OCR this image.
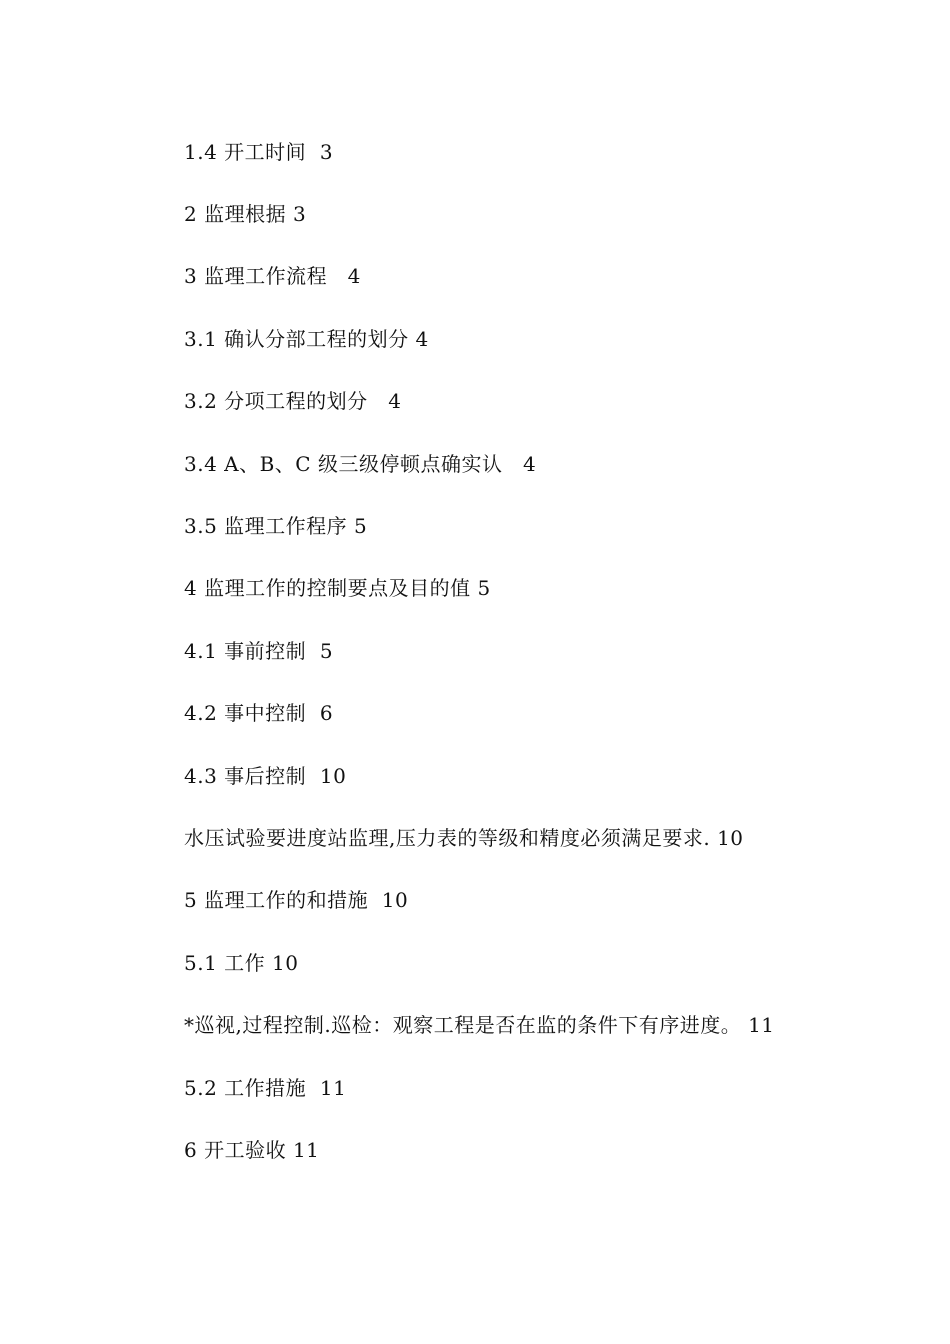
1.4 开工时间  3
2 监理根据 3
3 监理工作流程   4
3.1 确认分部工程的划分 4
3.2 分项工程的划分   4
3.4 A、B、C 级三级停顿点确实认   4
3.5 监理工作程序 5
4 监理工作的控制要点及目的值 5
4.1 事前控制  5
4.2 事中控制  6
4.3 事后控制  10
水压试验要进度站监理,压力表的等级和精度必须满足要求. 10
5 监理工作的和措施  10
5.1 工作 10
*巡视,过程控制.巡检：观察工程是否在监的条件下有序进度。 11
5.2 工作措施  11
6 开工验收 11
